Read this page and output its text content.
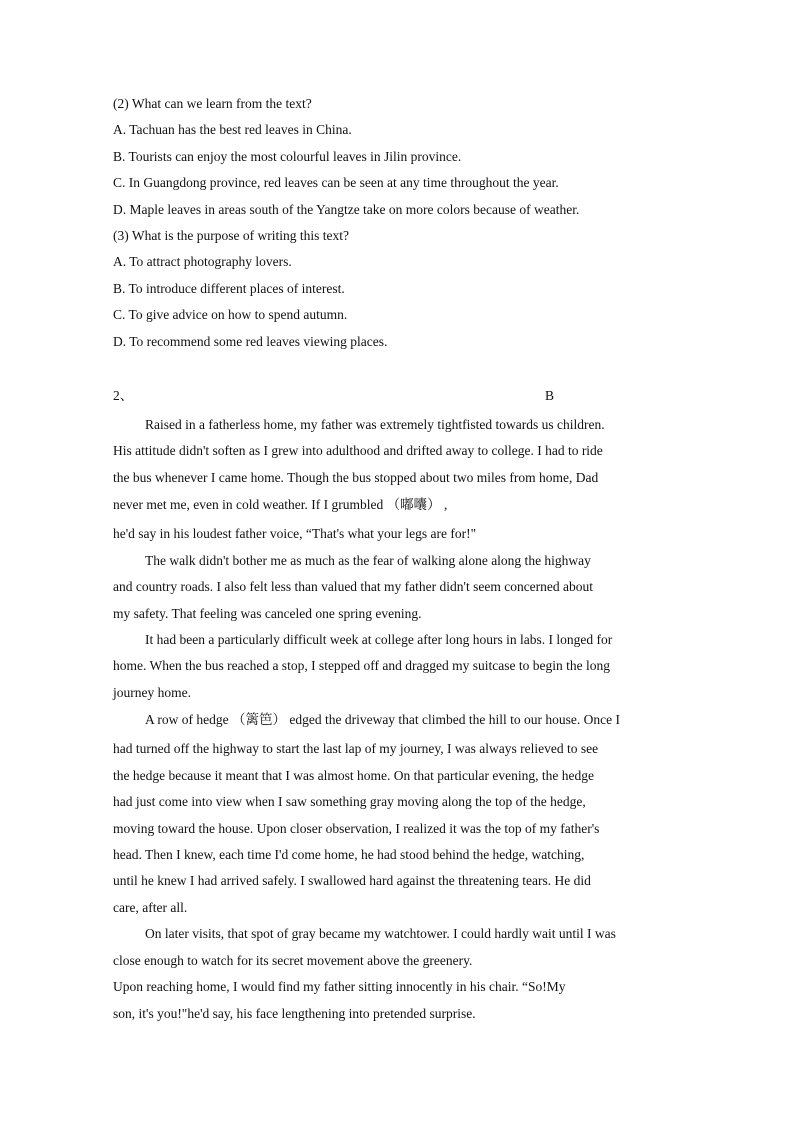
(2) What can we learn from the text?
A. Tachuan has the best red leaves in China.
B. Tourists can enjoy the most colourful leaves in Jilin province.
C. In Guangdong province, red leaves can be seen at any time throughout the year.
D. Maple leaves in areas south of the Yangtze take on more colors because of weather.
(3) What is the purpose of writing this text?
A. To attract photography lovers.
B. To introduce different places of interest.
C. To give advice on how to spend autumn.
D. To recommend some red leaves viewing places.
2、	B
Raised in a fatherless home, my father was extremely tightfisted towards us children.
His attitude didn't soften as I grew into adulthood and drifted away to college. I had to ride
the bus whenever I came home. Though the bus stopped about two miles from home, Dad
never met me, even in cold weather. If I grumbled （嘟囔） ,
he'd say in his loudest father voice, “That's what your legs are for!"
The walk didn't bother me as much as the fear of walking alone along the highway
and country roads. I also felt less than valued that my father didn't seem concerned about
my safety. That feeling was canceled one spring evening.
It had been a particularly difficult week at college after long hours in labs. I longed for
home. When the bus reached a stop, I stepped off and dragged my suitcase to begin the long
journey home.
A row of hedge （篱笆） edged the driveway that climbed the hill to our house. Once I
had turned off the highway to start the last lap of my journey, I was always relieved to see
the hedge because it meant that I was almost home. On that particular evening, the hedge
had just come into view when I saw something gray moving along the top of the hedge,
moving toward the house. Upon closer observation, I realized it was the top of my father's
head. Then I knew, each time I'd come home, he had stood behind the hedge, watching,
until he knew I had arrived safely. I swallowed hard against the threatening tears. He did
care, after all.
On later visits, that spot of gray became my watchtower. I could hardly wait until I was
close enough to watch for its secret movement above the greenery.
Upon reaching home, I would find my father sitting innocently in his chair. “So!My
son, it's you!"he'd say, his face lengthening into pretended surprise.
